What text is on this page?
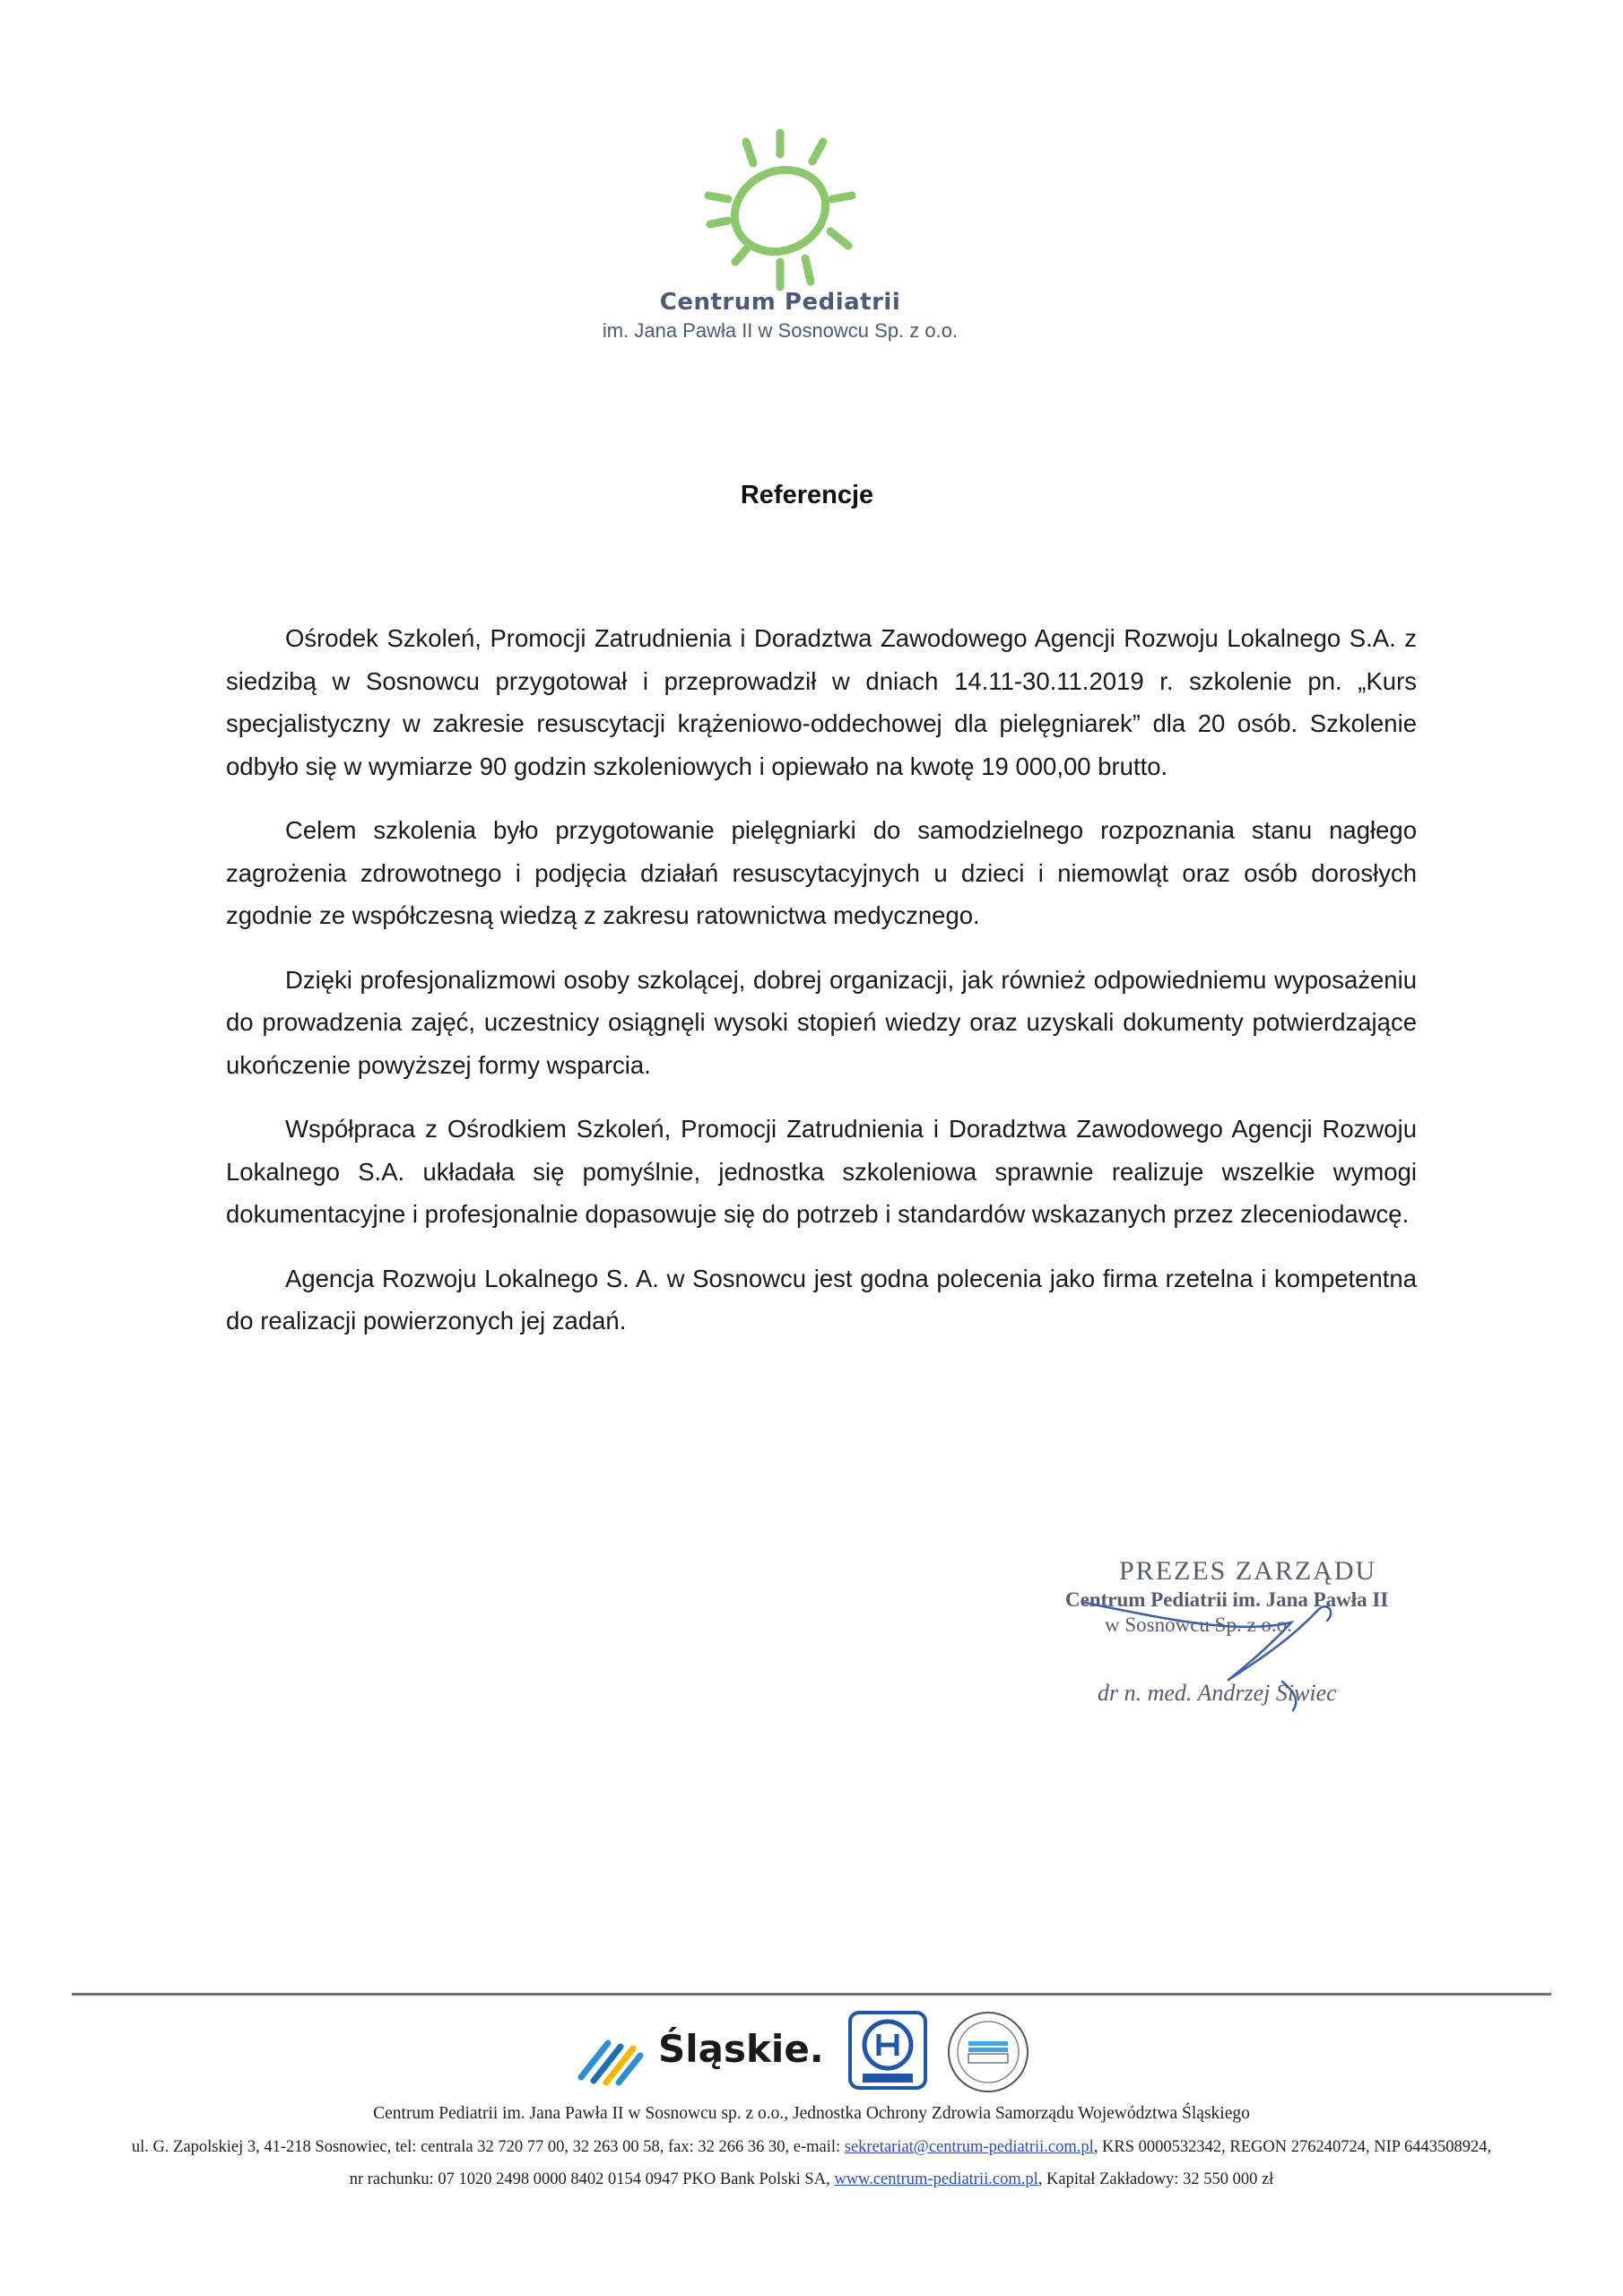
Centrum Pediatrii
im. Jana Pawła II w Sosnowcu Sp. z o.o.
Referencje

Ośrodek Szkoleń, Promocji Zatrudnienia i Doradztwa Zawodowego Agencji Rozwoju Lokalnego S.A. z siedzibą w Sosnowcu przygotował i przeprowadził w dniach 14.11-30.11.2019 r. szkolenie pn. „Kurs specjalistyczny w zakresie resuscytacji krążeniowo-oddechowej dla pielęgniarek” dla 20 osób. Szkolenie odbyło się w wymiarze 90 godzin szkoleniowych i opiewało na kwotę 19 000,00 brutto.

Celem szkolenia było przygotowanie pielęgniarki do samodzielnego rozpoznania stanu nagłego zagrożenia zdrowotnego i podjęcia działań resuscytacyjnych u dzieci i niemowląt oraz osób dorosłych zgodnie ze współczesną wiedzą z zakresu ratownictwa medycznego.

Dzięki profesjonalizmowi osoby szkolącej, dobrej organizacji, jak również odpowiedniemu wyposażeniu do prowadzenia zajęć, uczestnicy osiągnęli wysoki stopień wiedzy oraz uzyskali dokumenty potwierdzające ukończenie powyższej formy wsparcia.

Współpraca z Ośrodkiem Szkoleń, Promocji Zatrudnienia i Doradztwa Zawodowego Agencji Rozwoju Lokalnego S.A. układała się pomyślnie, jednostka szkoleniowa sprawnie realizuje wszelkie wymogi dokumentacyjne i profesjonalnie dopasowuje się do potrzeb i standardów wskazanych przez zleceniodawcę.

Agencja Rozwoju Lokalnego S. A. w Sosnowcu jest godna polecenia jako firma rzetelna i kompetentna do realizacji powierzonych jej zadań.

PREZES ZARZĄDU
Centrum Pediatrii im. Jana Pawła II
w Sosnowcu Sp. z o.o.
dr n. med. Andrzej Siwiec
Śląskie.
Centrum Pediatrii im. Jana Pawła II w Sosnowcu sp. z o.o., Jednostka Ochrony Zdrowia Samorządu Województwa Śląskiego
ul. G. Zapolskiej 3, 41-218 Sosnowiec, tel: centrala 32 720 77 00, 32 263 00 58, fax: 32 266 36 30, e-mail: sekretariat@centrum-pediatrii.com.pl, KRS 0000532342, REGON 276240724, NIP 6443508924,
nr rachunku: 07 1020 2498 0000 8402 0154 0947 PKO Bank Polski SA, www.centrum-pediatrii.com.pl, Kapitał Zakładowy: 32 550 000 zł
